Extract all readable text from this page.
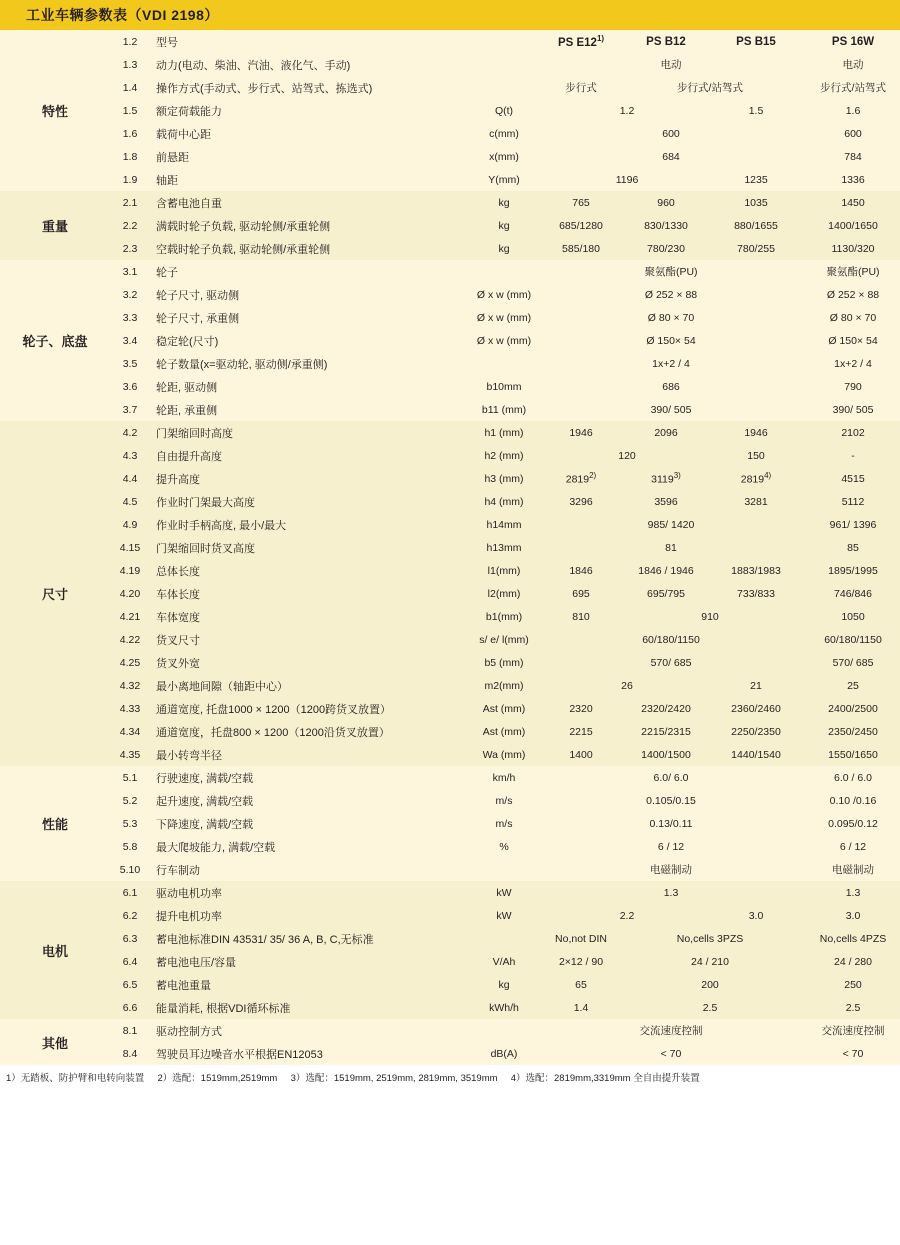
工业车辆参数表（VDI 2198）
特性	1.2	型号		PS E12$^{1)}$	PS B12	PS B15	PS 16W
	1.3	动力(电动、柴油、汽油、液化气、手动)		电动			电动
	1.4	操作方式(手动式、步行式、站驾式、拣选式)		步行式	步行式/站驾式		步行式/站驾式
	1.5	额定荷载能力	Q(t)	1.2		1.5	1.6
	1.6	载荷中心距	c(mm)	600			600
	1.8	前悬距	x(mm)	684			784
	1.9	轴距	Y(mm)	1196		1235	1336
重量	2.1	含蓄电池自重	kg	765	960	1035	1450
	2.2	满载时轮子负载, 驱动轮侧/承重轮侧	kg	685/1280	830/1330	880/1655	1400/1650
	2.3	空载时轮子负载, 驱动轮侧/承重轮侧	kg	585/180	780/230	780/255	1130/320
轮子、底盘	3.1	轮子		聚氨酯(PU)			聚氨酯(PU)
	3.2	轮子尺寸, 驱动侧	Ø x w (mm)	Ø 252 × 88			Ø 252 × 88
	3.3	轮子尺寸, 承重侧	Ø x w (mm)	Ø 80 × 70			Ø 80 × 70
	3.4	稳定轮(尺寸)	Ø x w (mm)	Ø 150× 54			Ø 150× 54
	3.5	轮子数量(x=驱动轮, 驱动侧/承重侧)		1x+2 / 4			1x+2 / 4
	3.6	轮距, 驱动侧	b10mm	686			790
	3.7	轮距, 承重侧	b11 (mm)	390/ 505			390/ 505
尺寸	4.2	门架缩回时高度	h1 (mm)	1946	2096	1946	2102
	4.3	自由提升高度	h2 (mm)	120		150	-
	4.4	提升高度	h3 (mm)	2819$^{2)}$	3119$^{3)}$	2819$^{4)}$	4515
	4.5	作业时门架最大高度	h4 (mm)	3296	3596	3281	5112
	4.9	作业时手柄高度, 最小/最大	h14mm	985/ 1420			961/ 1396
	4.15	门架缩回时货叉高度	h13mm	81			85
	4.19	总体长度	l1(mm)	1846	1846 / 1946	1883/1983	1895/1995
	4.20	车体长度	l2(mm)	695	695/795	733/833	746/846
	4.21	车体宽度	b1(mm)	810	910		1050
	4.22	货叉尺寸	s/ e/ l(mm)	60/180/1150			60/180/1150
	4.25	货叉外宽	b5 (mm)	570/ 685			570/ 685
	4.32	最小离地间隙（轴距中心）	m2(mm)	26		21	25
	4.33	通道宽度, 托盘1000 × 1200（1200跨货叉放置）	Ast (mm)	2320	2320/2420	2360/2460	2400/2500
	4.34	通道宽度，托盘800 × 1200（1200沿货叉放置）	Ast (mm)	2215	2215/2315	2250/2350	2350/2450
	4.35	最小转弯半径	Wa (mm)	1400	1400/1500	1440/1540	1550/1650
性能	5.1	行驶速度, 满载/空载	km/h	6.0/ 6.0			6.0 / 6.0
	5.2	起升速度, 满载/空载	m/s	0.105/0.15			0.10 /0.16
	5.3	下降速度, 满载/空载	m/s	0.13/0.11			0.095/0.12
	5.8	最大爬坡能力, 满载/空载	%	6 / 12			6 / 12
	5.10	行车制动		电磁制动			电磁制动
电机	6.1	驱动电机功率	kW	1.3			1.3
	6.2	提升电机功率	kW	2.2		3.0	3.0
	6.3	蓄电池标准DIN 43531/ 35/ 36 A, B, C,无标准		No,not DIN	No,cells 3PZS		No,cells 4PZS
	6.4	蓄电池电压/容量	V/Ah	2×12 / 90	24 / 210		24 / 280
	6.5	蓄电池重量	kg	65	200		250
	6.6	能量消耗, 根据VDI循环标准	kWh/h	1.4	2.5		2.5
其他	8.1	驱动控制方式		交流速度控制			交流速度控制
	8.4	驾驶员耳边噪音水平根据EN12053	dB(A)	< 70			< 70
1）无踏板、防护臂和电转向装置 2）选配：1519mm,2519mm 3）选配：1519mm, 2519mm, 2819mm, 3519mm 4）选配：2819mm,3319mm 全自由提升装置
